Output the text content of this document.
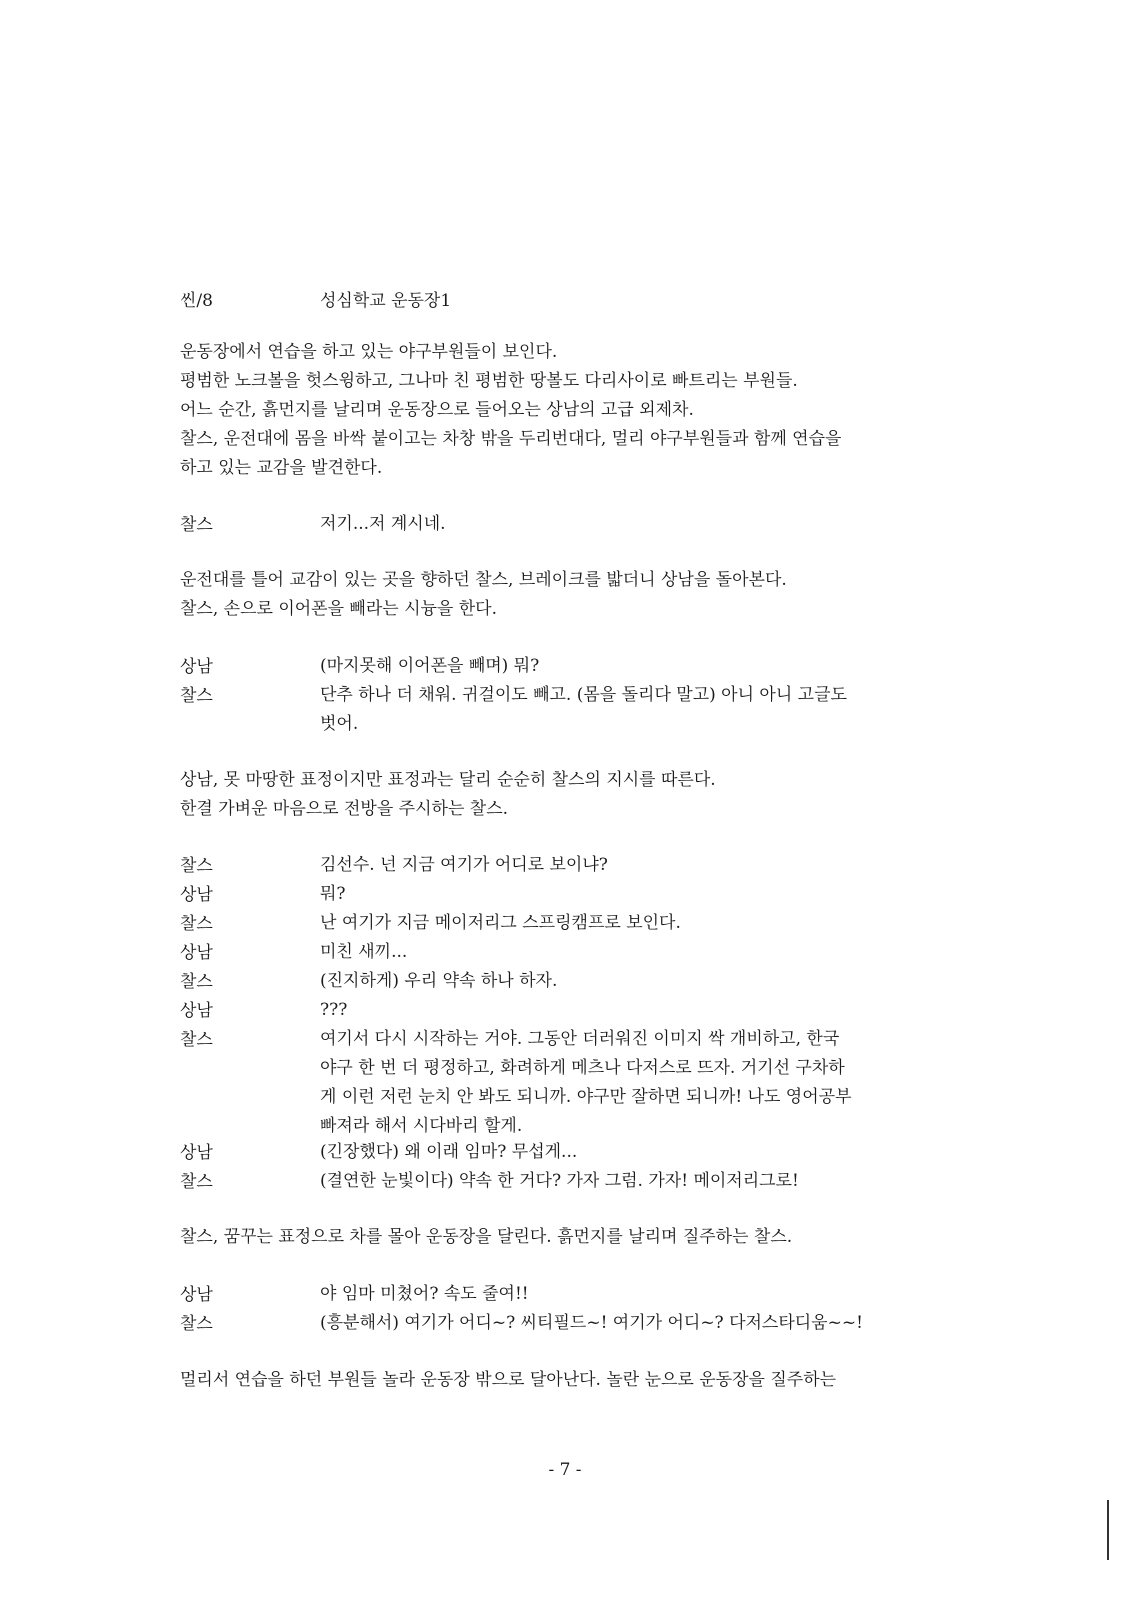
씬/8	성심학교 운동장1
운동장에서 연습을 하고 있는 야구부원들이 보인다.
평범한 노크볼을 헛스윙하고, 그나마 친 평범한 땅볼도 다리사이로 빠트리는 부원들.
어느 순간, 흙먼지를 날리며 운동장으로 들어오는 상남의 고급 외제차.
찰스, 운전대에 몸을 바싹 붙이고는 차창 밖을 두리번대다, 멀리 야구부원들과 함께 연습을
하고 있는 교감을 발견한다.
찰스	저기...저 계시네.
운전대를 틀어 교감이 있는 곳을 향하던 찰스, 브레이크를 밟더니 상남을 돌아본다.
찰스, 손으로 이어폰을 빼라는 시늉을 한다.
상남	(마지못해 이어폰을 빼며) 뭐?
찰스	단추 하나 더 채워. 귀걸이도 빼고. (몸을 돌리다 말고) 아니 아니 고글도
벗어.
상남, 못 마땅한 표정이지만 표정과는 달리 순순히 찰스의 지시를 따른다.
한결 가벼운 마음으로 전방을 주시하는 찰스.
찰스	김선수. 넌 지금 여기가 어디로 보이냐?
상남	뭐?
찰스	난 여기가 지금 메이저리그 스프링캠프로 보인다.
상남	미친 새끼...
찰스	(진지하게) 우리 약속 하나 하자.
상남	???
찰스	여기서 다시 시작하는 거야. 그동안 더러워진 이미지 싹 개비하고, 한국
야구 한 번 더 평정하고, 화려하게 메츠나 다저스로 뜨자. 거기선 구차하
게 이런 저런 눈치 안 봐도 되니까. 야구만 잘하면 되니까! 나도 영어공부
빠져라 해서 시다바리 할게.
상남	(긴장했다) 왜 이래 임마? 무섭게...
찰스	(결연한 눈빛이다) 약속 한 거다? 가자 그럼. 가자! 메이저리그로!
찰스, 꿈꾸는 표정으로 차를 몰아 운동장을 달린다. 흙먼지를 날리며 질주하는 찰스.
상남	야 임마 미쳤어? 속도 줄여!!
찰스	(흥분해서) 여기가 어디~? 씨티필드~! 여기가 어디~? 다저스타디움~~!
멀리서 연습을 하던 부원들 놀라 운동장 밖으로 달아난다. 놀란 눈으로 운동장을 질주하는
- 7 -
